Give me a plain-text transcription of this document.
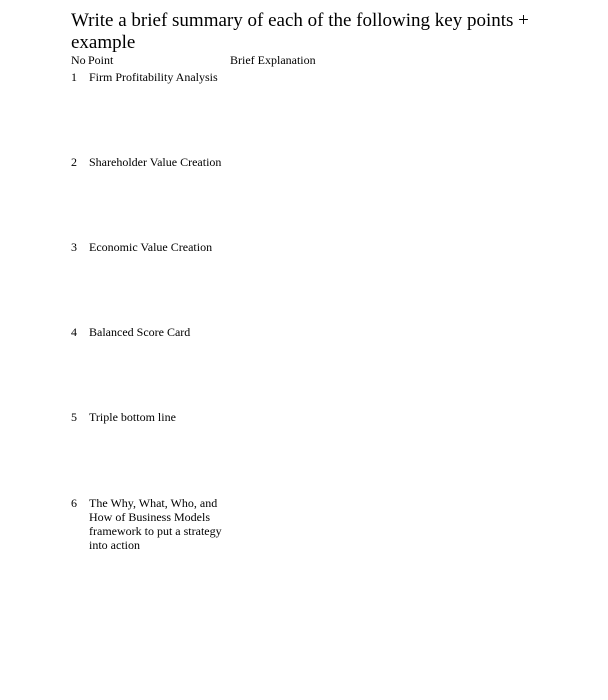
Write a brief summary of each of the following key points + example
No Point	Brief Explanation
1	Firm Profitability Analysis
2	Shareholder Value Creation
3	Economic Value Creation
4	Balanced Score Card
5	Triple bottom line
6	The Why, What, Who, and How of Business Models framework to put a strategy into action
